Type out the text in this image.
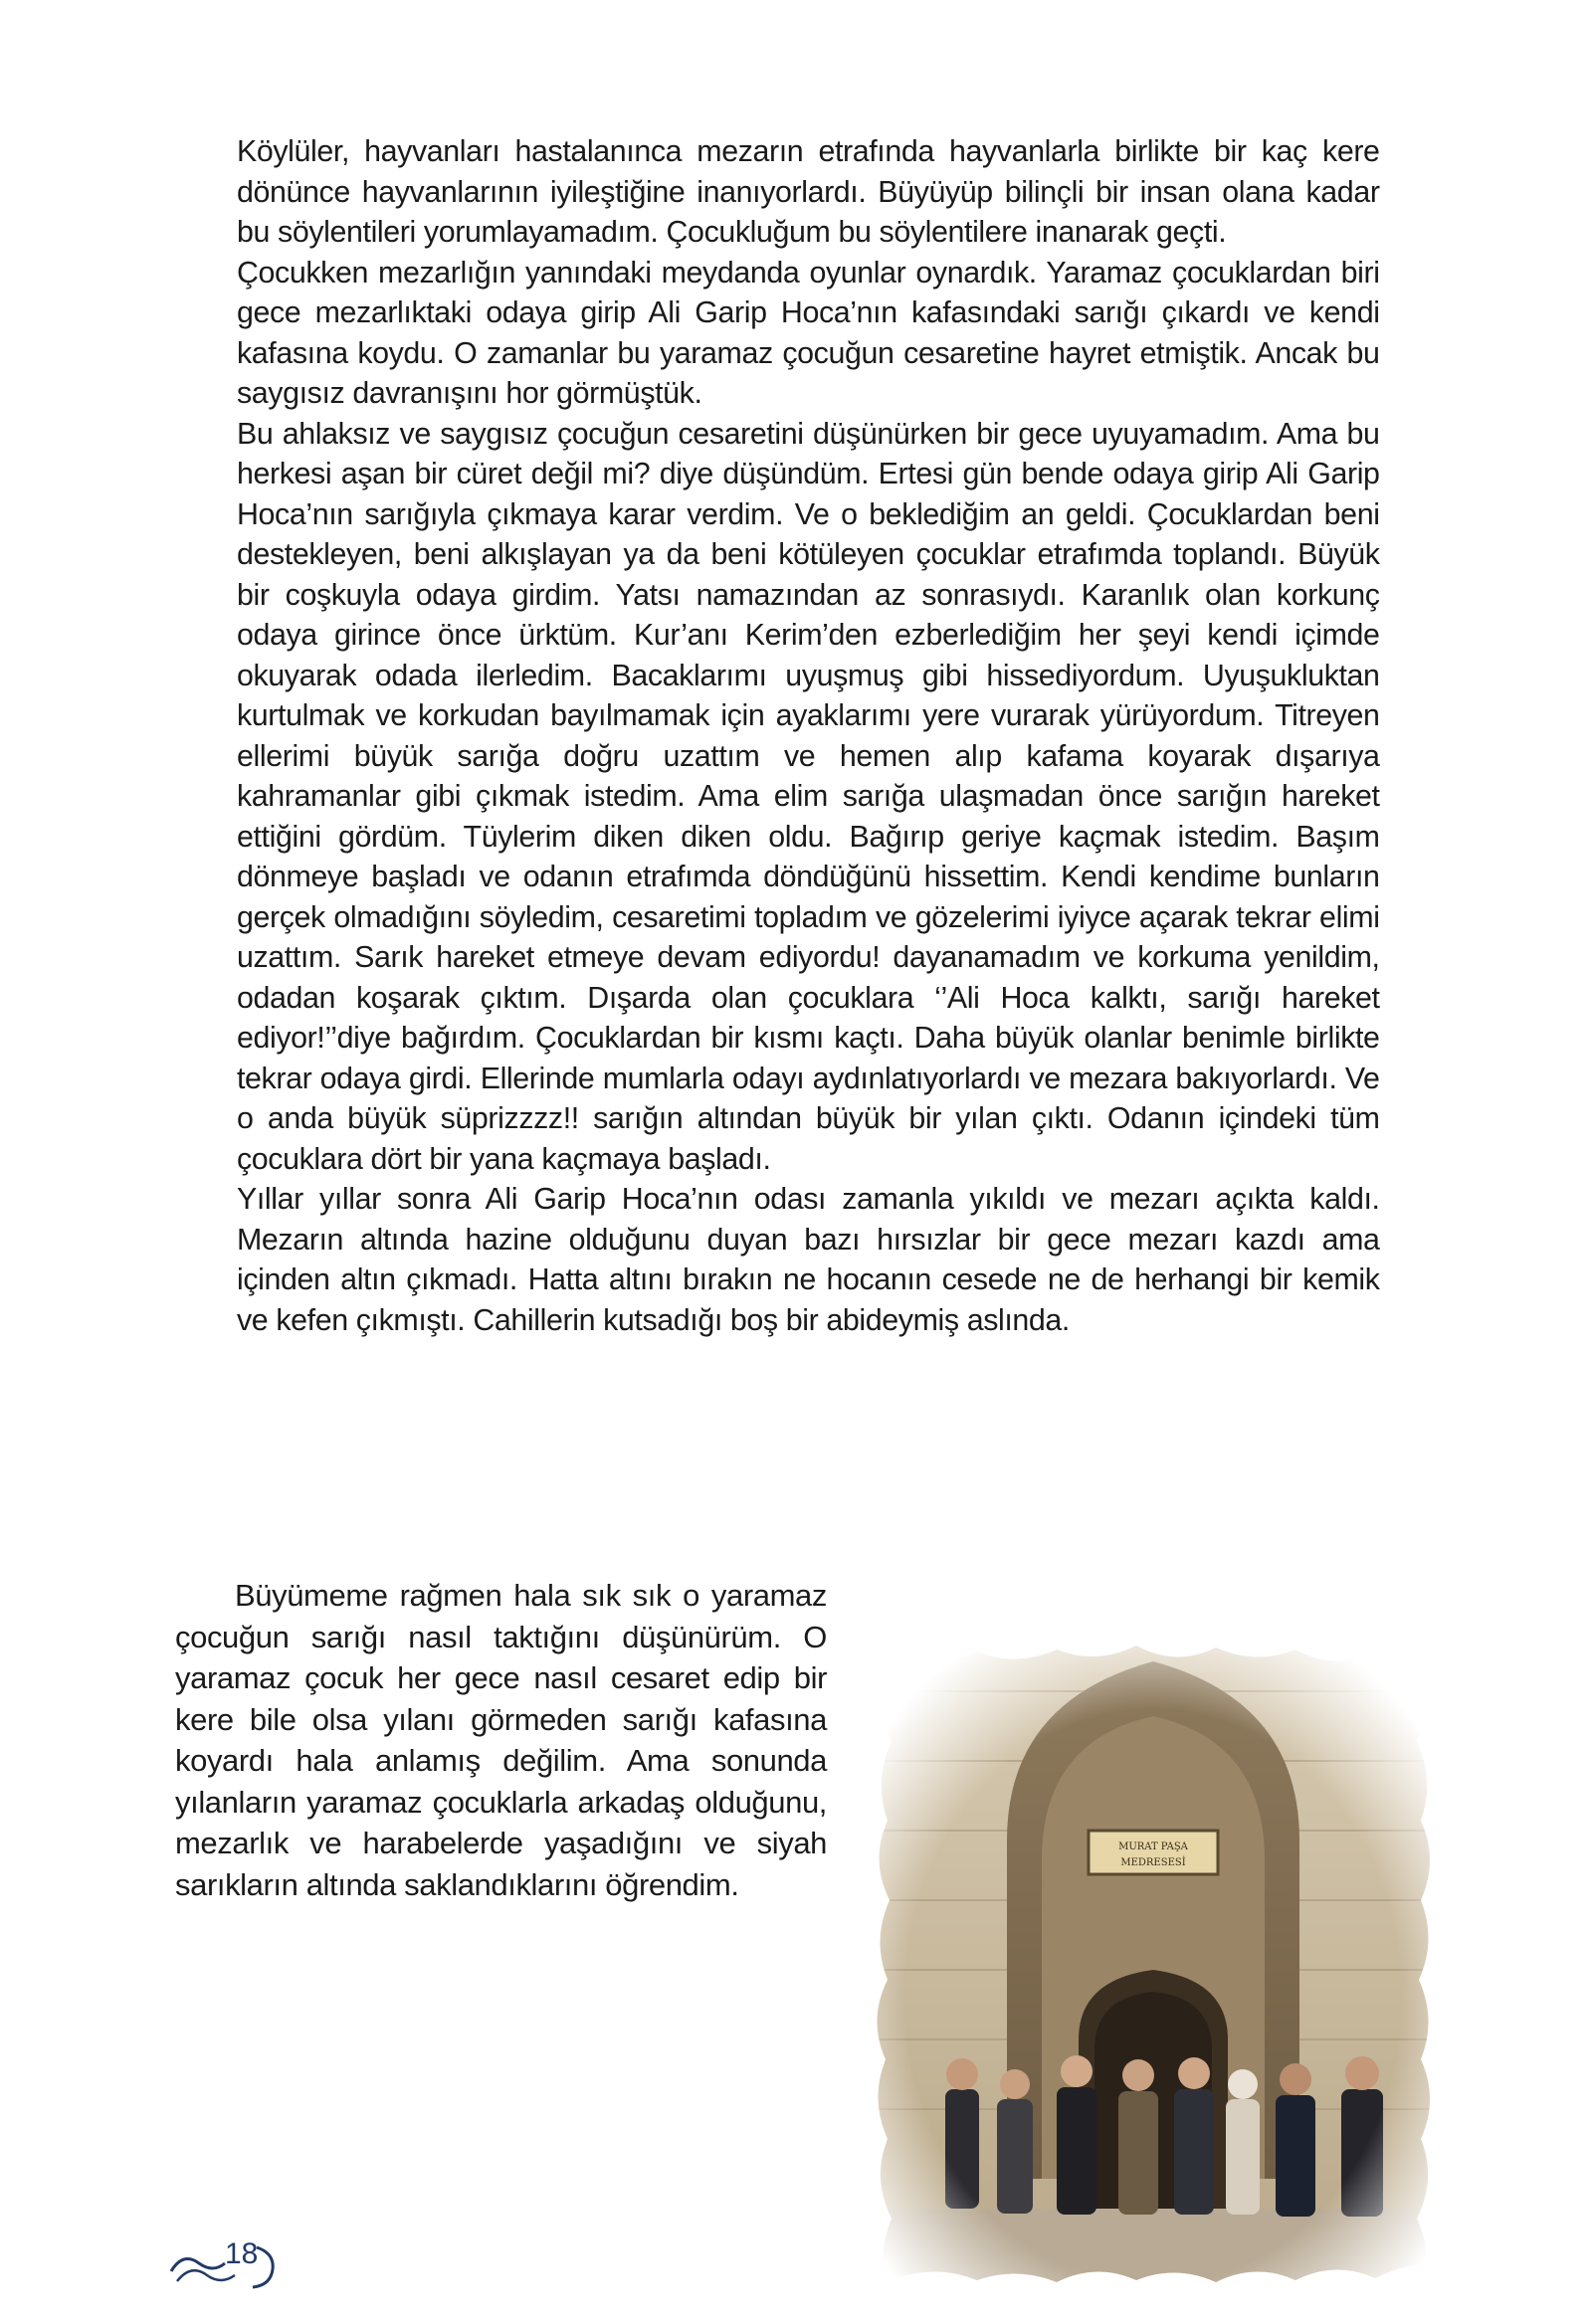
Köylüler, hayvanları hastalanınca mezarın etrafında hayvanlarla birlikte bir kaç kere dönünce hayvanlarının iyileştiğine inanıyorlardı. Büyüyüp bilinçli bir insan olana kadar bu söylentileri yorumlayamadım. Çocukluğum bu söylentilere inanarak geçti.

Çocukken mezarlığın yanındaki meydanda oyunlar oynardık. Yaramaz çocuklardan biri gece mezarlıktaki odaya girip Ali Garip Hoca’nın kafasındaki sarığı çıkardı ve kendi kafasına koydu. O zamanlar bu yaramaz çocuğun cesaretine hayret etmiştik. Ancak bu saygısız davranışını hor görmüştük.

Bu ahlaksız ve saygısız çocuğun cesaretini düşünürken bir gece uyuyamadım. Ama bu herkesi aşan bir cüret değil mi? diye düşündüm. Ertesi gün bende odaya girip Ali Garip Hoca’nın sarığıyla çıkmaya karar verdim. Ve o beklediğim an geldi. Çocuklardan beni destekleyen, beni alkışlayan ya da beni kötüleyen çocuklar etrafımda toplandı. Büyük bir coşkuyla odaya girdim. Yatsı namazından az sonrasıydı. Karanlık olan korkunç odaya girince önce ürktüm. Kur’anı Kerim’den ezberlediğim her şeyi kendi içimde okuyarak odada ilerledim. Bacaklarımı uyuşmuş gibi hissediyordum. Uyuşukluktan kurtulmak ve korkudan bayılmamak için ayaklarımı yere vurarak yürüyordum. Titreyen ellerimi büyük sarığa doğru uzattım ve hemen alıp kafama koyarak dışarıya kahramanlar gibi çıkmak istedim. Ama elim sarığa ulaşmadan önce sarığın hareket ettiğini gördüm. Tüylerim diken diken oldu. Bağırıp geriye kaçmak istedim. Başım dönmeye başladı ve odanın etrafımda döndüğünü hissettim. Kendi kendime bunların gerçek olmadığını söyledim, cesaretimi topladım ve gözelerimi iyiyce açarak tekrar elimi uzattım. Sarık hareket etmeye devam ediyordu! dayanamadım ve korkuma yenildim, odadan koşarak çıktım. Dışarda olan çocuklara ‘’Ali Hoca kalktı, sarığı hareket ediyor!’’diye bağırdım. Çocuklardan bir kısmı kaçtı. Daha büyük olanlar benimle birlikte tekrar odaya girdi. Ellerinde mumlarla odayı aydınlatıyorlardı ve mezara bakıyorlardı. Ve o anda büyük süprizzzz!! sarığın altından büyük bir yılan çıktı. Odanın içindeki tüm çocuklara dört bir yana kaçmaya başladı.

Yıllar yıllar sonra Ali Garip Hoca’nın odası zamanla yıkıldı ve mezarı açıkta kaldı. Mezarın altında hazine olduğunu duyan bazı hırsızlar bir gece mezarı kazdı ama içinden altın çıkmadı. Hatta altını bırakın ne hocanın cesede ne de herhangi bir kemik ve kefen çıkmıştı. Cahillerin kutsadığı boş bir abideymiş aslında.

Büyümeme rağmen hala sık sık o yaramaz çocuğun sarığı nasıl taktığını düşünürüm. O yaramaz çocuk her gece nasıl cesaret edip bir kere bile olsa yılanı görmeden sarığı kafasına koyardı hala anlamış değilim. Ama sonunda yılanların yaramaz çocuklarla arkadaş olduğunu, mezarlık ve harabelerde yaşadığını ve siyah sarıkların altında saklandıklarını öğrendim.

18
